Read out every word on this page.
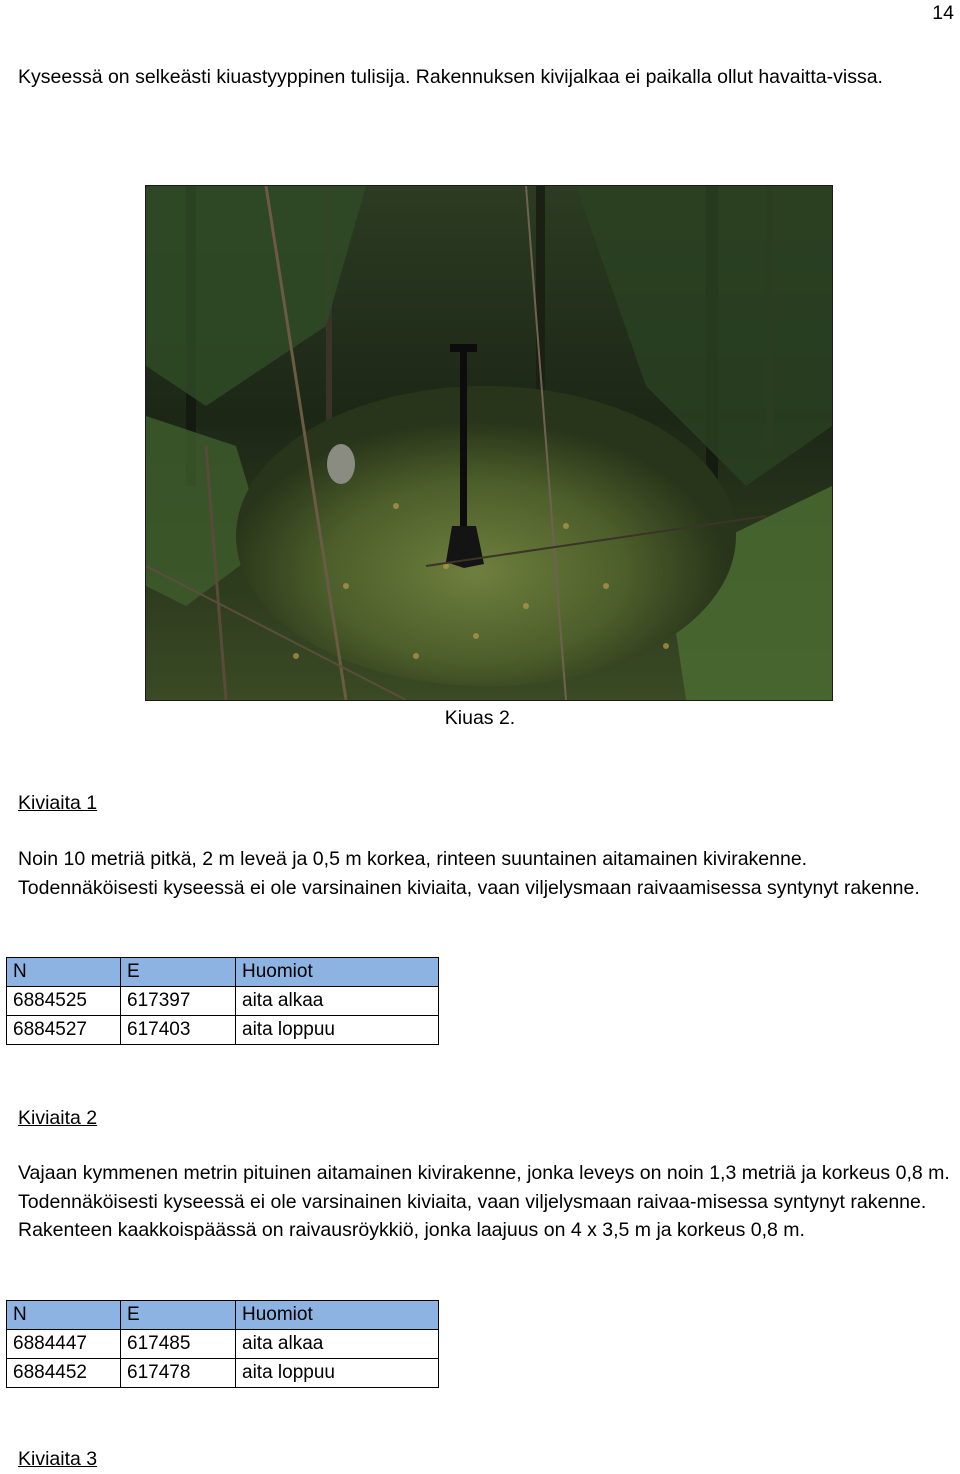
14

Kyseessä on selkeästi kiuastyyppinen tulisija. Rakennuksen kivijalkaa ei paikalla ollut havaitta-vissa.

Kiuas 2.
Kiviaita 1

Noin 10 metriä pitkä, 2 m leveä ja 0,5 m korkea, rinteen suuntainen aitamainen kivirakenne. Todennäköisesti kyseessä ei ole varsinainen kiviaita, vaan viljelysmaan raivaamisessa syntynyt rakenne.

N	E	Huomiot
6884525	617397	aita alkaa
6884527	617403	aita loppuu
Kiviaita 2

Vajaan kymmenen metrin pituinen aitamainen kivirakenne, jonka leveys on noin 1,3 metriä ja korkeus 0,8 m. Todennäköisesti kyseessä ei ole varsinainen kiviaita, vaan viljelysmaan raivaa-misessa syntynyt rakenne. Rakenteen kaakkoispäässä on raivausröykkiö, jonka laajuus on 4 x 3,5 m ja korkeus 0,8 m.

N	E	Huomiot
6884447	617485	aita alkaa
6884452	617478	aita loppuu
Kiviaita 3
